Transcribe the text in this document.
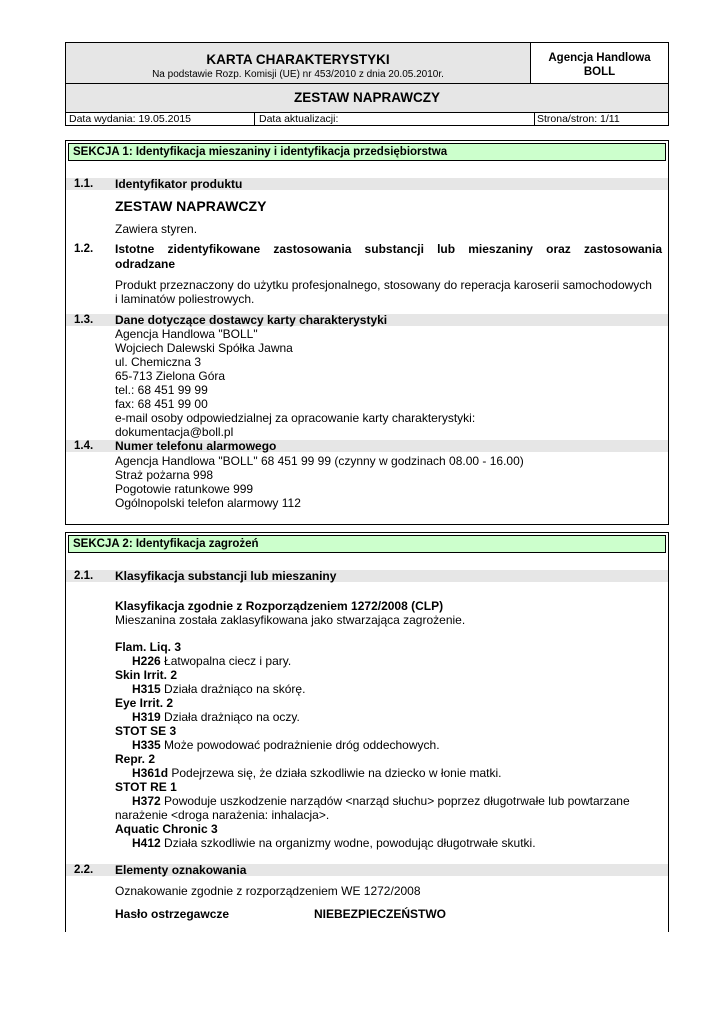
KARTA CHARAKTERYSTYKI
Na podstawie Rozp. Komisji (UE) nr 453/2010 z dnia 20.05.2010r.
Agencja Handlowa
BOLL
ZESTAW NAPRAWCZY
Data wydania: 19.05.2015	Data aktualizacji:	Strona/stron: 1/11
SEKCJA 1: Identyfikacja mieszaniny i identyfikacja przedsiębiorstwa
1.1. Identyfikator produktu
ZESTAW NAPRAWCZY
Zawiera styren.
1.2. Istotne zidentyfikowane zastosowania substancji lub mieszaniny oraz zastosowania
odradzane
Produkt przeznaczony do użytku profesjonalnego, stosowany do reperacja karoserii samochodowych
i laminatów poliestrowych.
1.3. Dane dotyczące dostawcy karty charakterystyki
Agencja Handlowa "BOLL"
Wojciech Dalewski Spółka Jawna
ul. Chemiczna 3
65-713 Zielona Góra
tel.: 68 451 99 99
fax: 68 451 99 00
e-mail osoby odpowiedzialnej za opracowanie karty charakterystyki:
dokumentacja@boll.pl
1.4. Numer telefonu alarmowego
Agencja Handlowa "BOLL" 68 451 99 99 (czynny w godzinach 08.00 - 16.00)
Straż pożarna 998
Pogotowie ratunkowe 999
Ogólnopolski telefon alarmowy 112
SEKCJA 2: Identyfikacja zagrożeń
2.1. Klasyfikacja substancji lub mieszaniny
Klasyfikacja zgodnie z Rozporządzeniem 1272/2008 (CLP)
Mieszanina została zaklasyfikowana jako stwarzająca zagrożenie.
Flam. Liq. 3
H226 Łatwopalna ciecz i pary.
Skin Irrit. 2
H315 Działa drażniąco na skórę.
Eye Irrit. 2
H319 Działa drażniąco na oczy.
STOT SE 3
H335 Może powodować podrażnienie dróg oddechowych.
Repr. 2
H361d Podejrzewa się, że działa szkodliwie na dziecko w łonie matki.
STOT RE 1
H372 Powoduje uszkodzenie narządów <narząd słuchu> poprzez długotrwałe lub powtarzane
narażenie <droga narażenia: inhalacja>.
Aquatic Chronic 3
H412 Działa szkodliwie na organizmy wodne, powodując długotrwałe skutki.
2.2. Elementy oznakowania
Oznakowanie zgodnie z rozporządzeniem WE 1272/2008
Hasło ostrzegawcze	NIEBEZPIECZEŃSTWO
